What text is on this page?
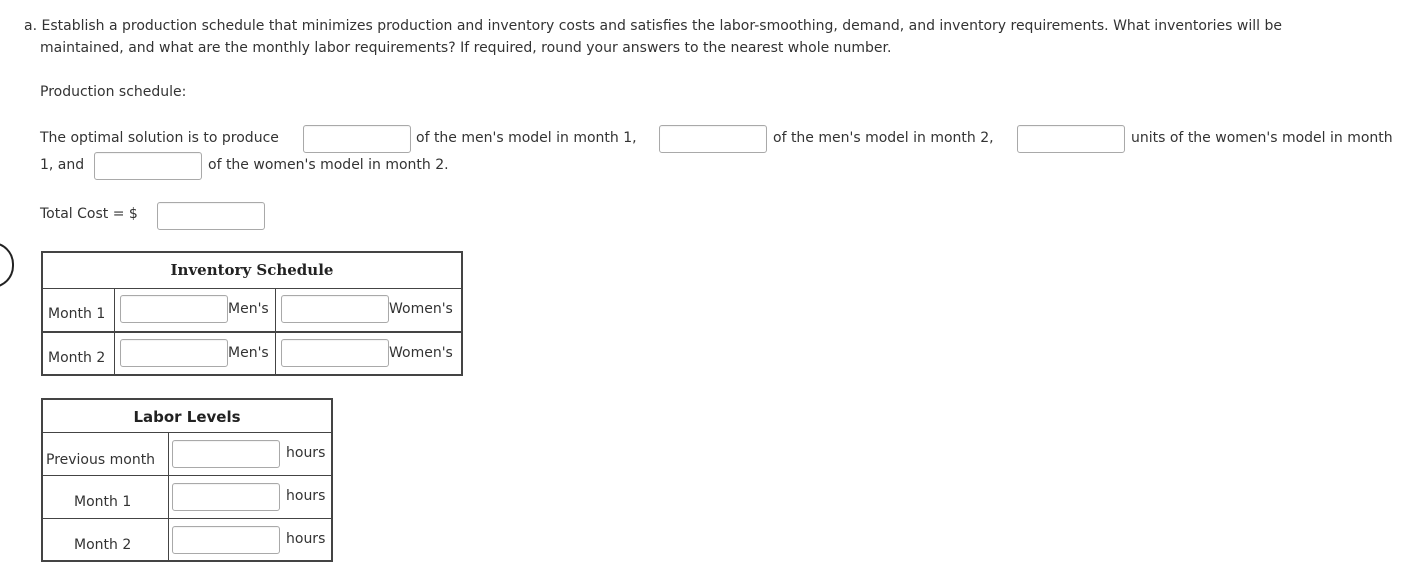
a. Establish a production schedule that minimizes production and inventory costs and satisfies the labor-smoothing, demand, and inventory requirements. What inventories will be
maintained, and what are the monthly labor requirements? If required, round your answers to the nearest whole number.
Production schedule:
The optimal solution is to produce	of the men's model in month 1,	of the men's model in month 2,	units of the women's model in month
1, and	of the women's model in month 2.
Total Cost = $
Inventory Schedule
Month 1	Men's	Women's
Month 2	Men's	Women's
Labor Levels
Previous month	hours
Month 1	hours
Month 2	hours
